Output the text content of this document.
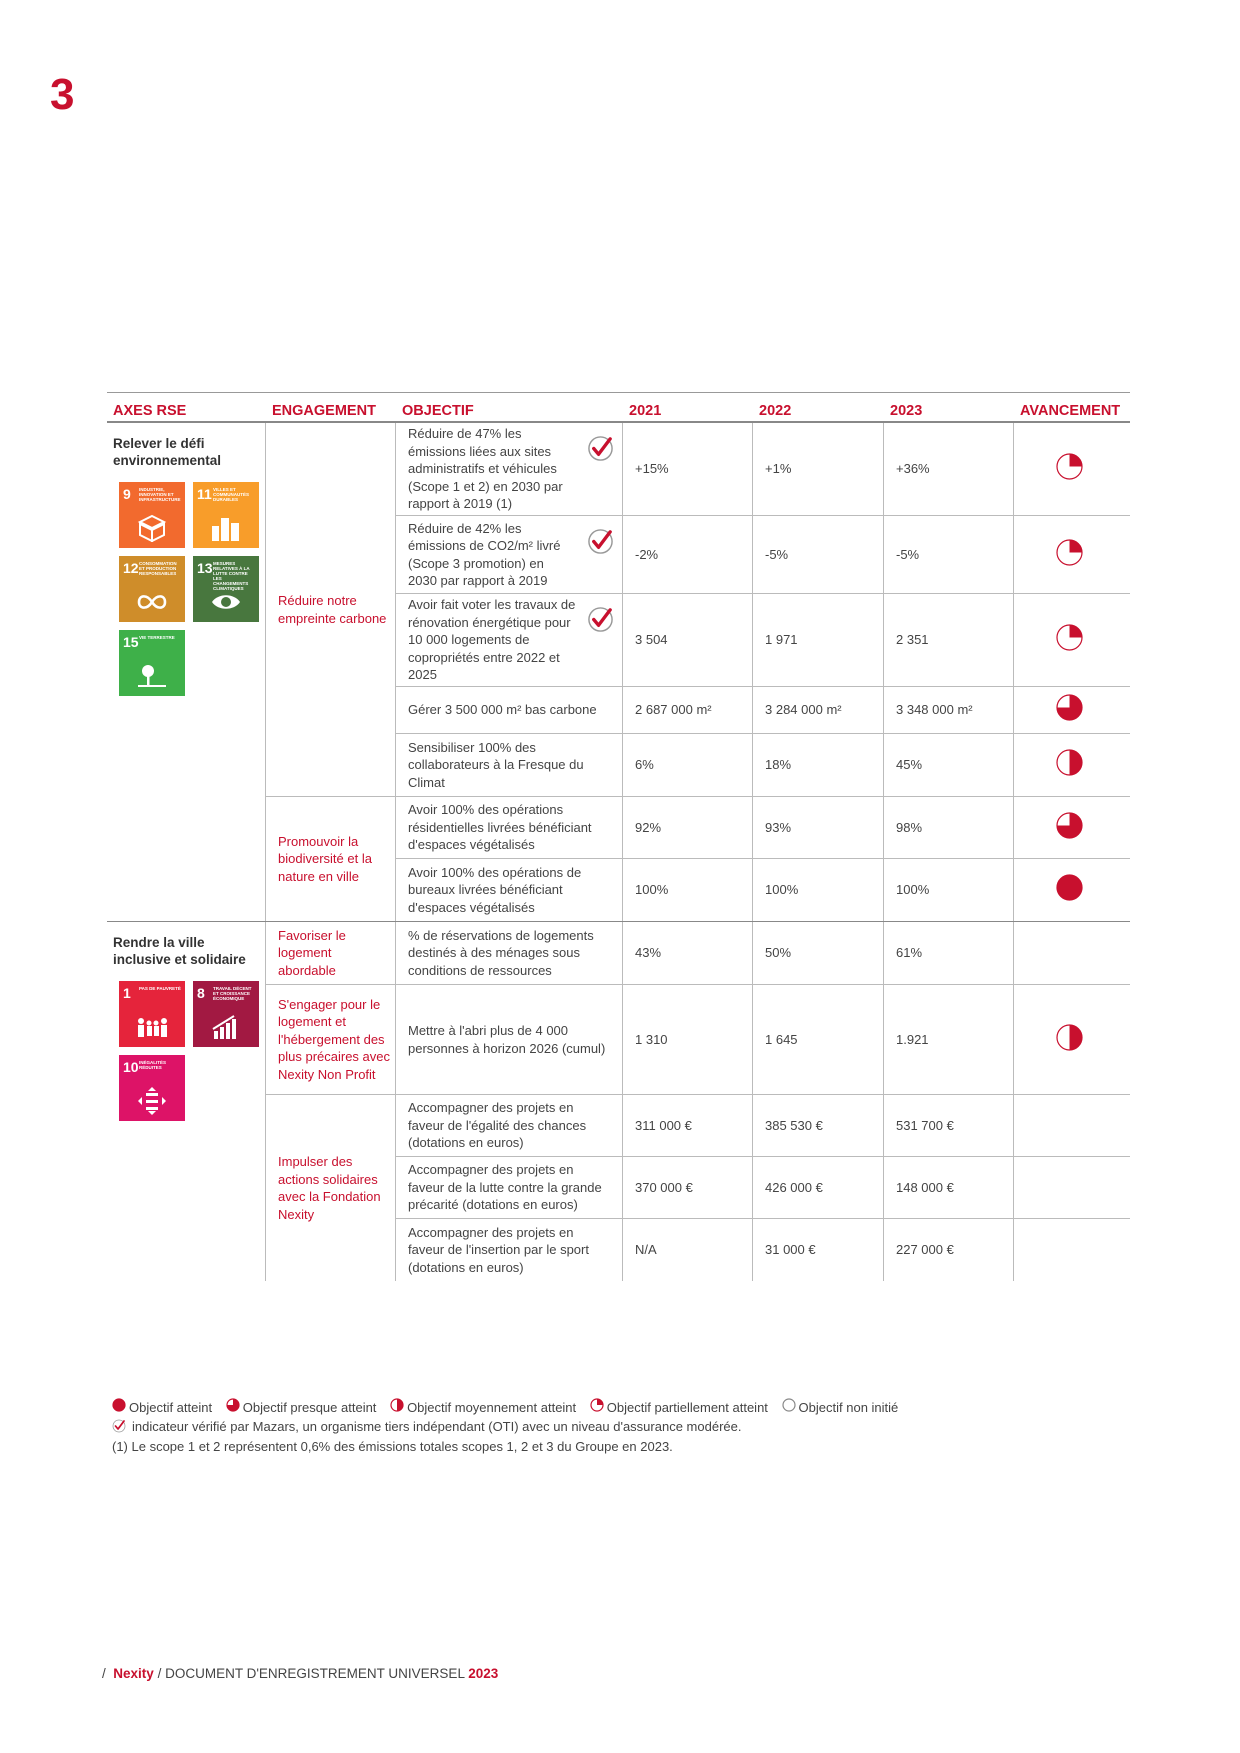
3
AXES RSE	ENGAGEMENT	OBJECTIF	2021	2022	2023	AVANCEMENT
Relever le défi environnemental
9 INDUSTRIE, INNOVATION ET INFRASTRUCTURE 11 VILLES ET COMMUNAUTÉS DURABLES
12 CONSOMMATION ET PRODUCTION RESPONSABLES	13 MESURES RELATIVES À LA LUTTE CONTRE LES CHANGEMENTS CLIMATIQUES
15 VIE TERRESTRE
Réduire notre empreinte carbone
Réduire de 47% les émissions liées aux sites administratifs et véhicules (Scope 1 et 2) en 2030 par rapport à 2019 (1)
+15%	+1%	+36%
Réduire de 42% les émissions de CO2/m² livré (Scope 3 promotion) en 2030 par rapport à 2019
-2%	-5%	-5%
Avoir fait voter les travaux de rénovation énergétique pour 10 000 logements de copropriétés entre 2022 et 2025
3 504	1 971	2 351
Gérer 3 500 000 m² bas carbone	2 687 000 m²	3 284 000 m²	3 348 000 m²
Sensibiliser 100% des collaborateurs à la Fresque du Climat
6%	18%	45%
Promouvoir la biodiversité et la nature en ville
Avoir 100% des opérations résidentielles livrées bénéficiant d'espaces végétalisés
92%	93%	98%
Avoir 100% des opérations de bureaux livrées bénéficiant d'espaces végétalisés
100%	100%	100%
Rendre la ville inclusive et solidaire
1 PAS DE PAUVRETÉ 8 TRAVAIL DÉCENT ET CROISSANCE ÉCONOMIQUE
10 INÉGALITÉS RÉDUITES
Favoriser le logement abordable
% de réservations de logements destinés à des ménages sous conditions de ressources
43%	50%	61%
S'engager pour le logement et l'hébergement des plus précaires avec Nexity Non Profit
Mettre à l'abri plus de 4 000 personnes à horizon 2026 (cumul)
1 310	1 645	1.921
Impulser des actions solidaires avec la Fondation Nexity
Accompagner des projets en faveur de l'égalité des chances (dotations en euros)
311 000 €	385 530 €	531 700 €
Accompagner des projets en faveur de la lutte contre la grande précarité (dotations en euros)
370 000 €	426 000 €	148 000 €
Accompagner des projets en faveur de l'insertion par le sport (dotations en euros)
N/A	31 000 €	227 000 €
Objectif atteint
Objectif presque atteint
Objectif moyennement atteint
Objectif partiellement atteint
Objectif non initié
indicateur vérifié par Mazars, un organisme tiers indépendant (OTI) avec un niveau d'assurance modérée.
(1) Le scope 1 et 2 représentent 0,6% des émissions totales scopes 1, 2 et 3 du Groupe en 2023.
/ Nexity / DOCUMENT D'ENREGISTREMENT UNIVERSEL 2023
